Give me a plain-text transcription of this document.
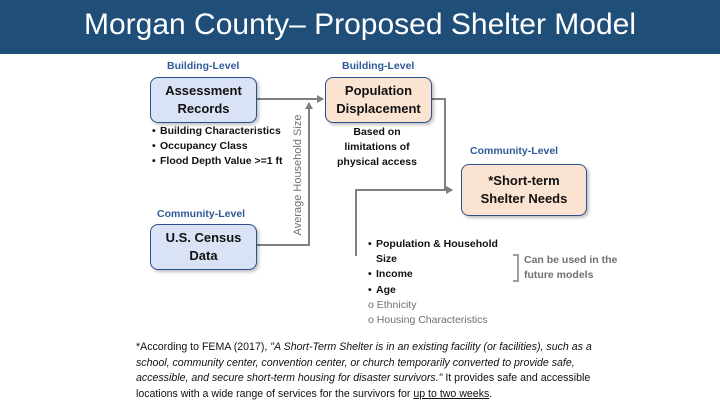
Morgan County– Proposed Shelter Model
Building-Level	Building-Level
Community-Level
Community-Level
Assessment
Records
Population
Displacement
U.S. Census
Data
*Short-term
Shelter Needs
• Building Characteristics
• Occupancy Class
• Flood Depth Value >=1 ft
Based on
limitations of
physical access
Average Household Size
• Population & Household
Size
• Income
• Age
o Ethnicity
o Housing Characteristics
Can be used in the
future models
*According to FEMA (2017), "A Short-Term Shelter is in an existing facility (or facilities), such as a school, community center, convention center, or church temporarily converted to provide safe, accessible, and secure short-term housing for disaster survivors." It provides safe and accessible locations with a wide range of services for the survivors for up to two weeks.
